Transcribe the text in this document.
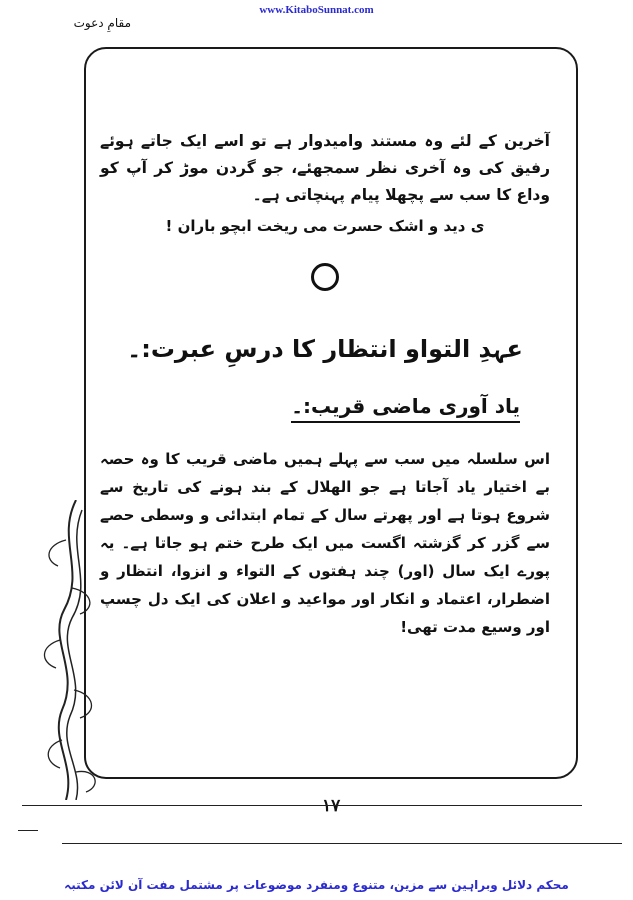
www.KitaboSunnat.com
مقامِ دعوت

آخرین کے لئے وہ مستند وامیدوار ہے تو اسے ایک جاتے ہوئے رفیق کی وہ آخری نظر سمجھئے، جو گردن موڑ کر آپ کو وداع کا سب سے پچھلا پیام پہنچاتی ہے۔

ی دید و اشک حسرت می ریخت ابچو باران !

عہدِ التواو انتظار کا درسِ عبرت:۔
یاد آوری ماضی قریب:۔

اس سلسلہ میں سب سے پہلے ہمیں ماضی قریب کا وہ حصہ بے اختیار یاد آجاتا ہے جو الھلال کے بند ہونے کی تاریخ سے شروع ہوتا ہے اور پھرتے سال کے تمام ابتدائی و وسطی حصے سے گزر کر گزشتہ اگست میں ایک طرح ختم ہو جاتا ہے۔ یہ پورے ایک سال (اور) چند ہفتوں کے التواء و انزوا، انتظار و اضطرار، اعتماد و انکار اور مواعید و اعلان کی ایک دل چسپ اور وسیع مدت تھی!

۱۷
محکم دلائل وبراہین سے مزین، متنوع ومنفرد موضوعات پر مشتمل مفت آن لائن مکتبہ
